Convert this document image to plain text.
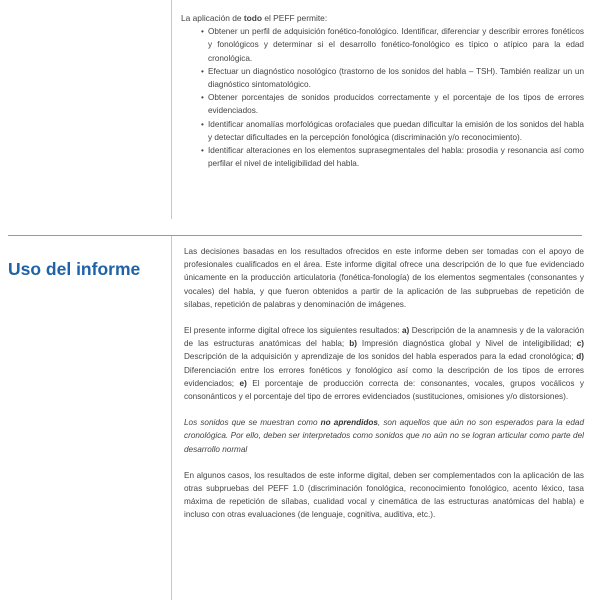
La aplicación de todo el PEFF permite:

• Obtener un perfil de adquisición fonético-fonológico. Identificar, diferenciar y describir errores fonéticos y fonológicos y determinar si el desarrollo fonético-fonológico es típico o atípico para la edad cronológica.
• Efectuar un diagnóstico nosológico (trastorno de los sonidos del habla – TSH). También realizar un un diagnóstico sintomatológico.
• Obtener porcentajes de sonidos producidos correctamente y el porcentaje de los tipos de errores evidenciados.
• Identificar anomalías morfológicas orofaciales que puedan dificultar la emisión de los sonidos del habla y detectar dificultades en la percepción fonológica (discriminación y/o reconocimiento).
• Identificar alteraciones en los elementos suprasegmentales del habla: prosodia y resonancia así como perfilar el nivel de inteligibilidad del habla.
Uso del informe

Las decisiones basadas en los resultados ofrecidos en este informe deben ser tomadas con el apoyo de profesionales cualificados en el área. Este informe digital ofrece una descripción de lo que fue evidenciado únicamente en la producción articulatoria (fonética-fonología) de los elementos segmentales (consonantes y vocales) del habla, y que fueron obtenidos a partir de la aplicación de las subpruebas de repetición de sílabas, repetición de palabras y denominación de imágenes.

El presente informe digital ofrece los siguientes resultados: a) Descripción de la anamnesis y de la valoración de las estructuras anatómicas del habla; b) Impresión diagnóstica global y Nivel de inteligibilidad; c) Descripción de la adquisición y aprendizaje de los sonidos del habla esperados para la edad cronológica; d) Diferenciación entre los errores fonéticos y fonológico así como la descripción de los tipos de errores evidenciados; e) El porcentaje de producción correcta de: consonantes, vocales, grupos vocálicos y consonánticos y el porcentaje del tipo de errores evidenciados (sustituciones, omisiones y/o distorsiones).

Los sonidos que se muestran como no aprendidos, son aquellos que aún no son esperados para la edad cronológica. Por ello, deben ser interpretados como sonidos que no aún no se logran articular como parte del desarrollo normal

En algunos casos, los resultados de este informe digital, deben ser complementados con la aplicación de las otras subpruebas del PEFF 1.0 (discriminación fonológica, reconocimiento fonológico, acento léxico, tasa máxima de repetición de sílabas, cualidad vocal y cinemática de las estructuras anatómicas del habla) e incluso con otras evaluaciones (de lenguaje, cognitiva, auditiva, etc.).
